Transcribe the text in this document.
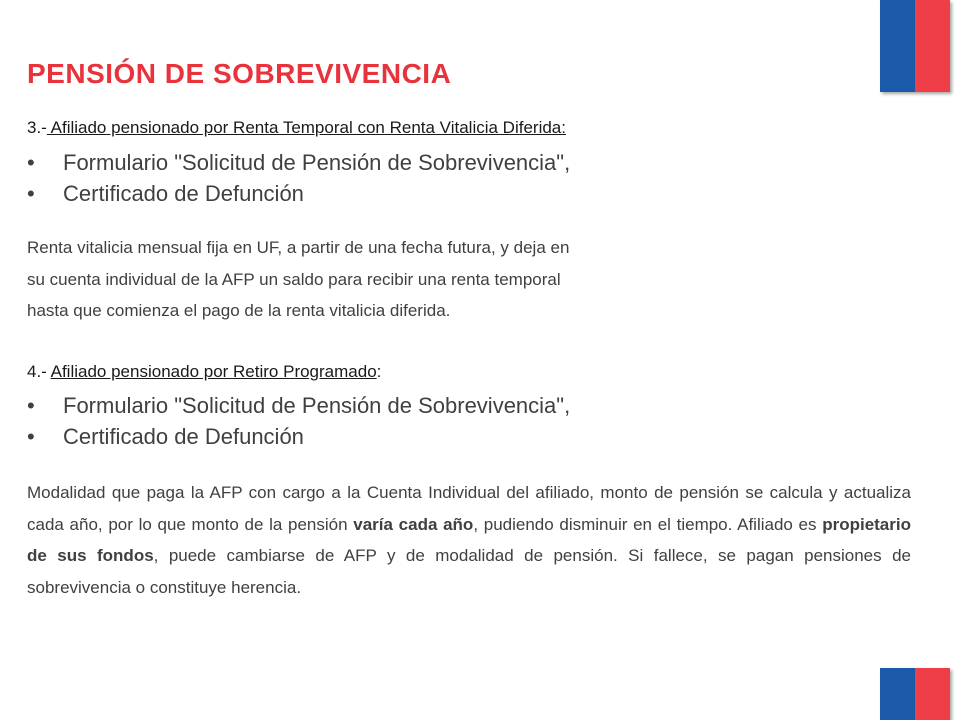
PENSIÓN DE SOBREVIVENCIA
3.- Afiliado pensionado por Renta Temporal con Renta Vitalicia Diferida:
• Formulario "Solicitud de Pensión de Sobrevivencia",
• Certificado de Defunción
Renta vitalicia mensual fija en UF, a partir de una fecha futura, y deja en
su cuenta individual de la AFP un saldo para recibir una renta temporal
hasta que comienza el pago de la renta vitalicia diferida.
4.- Afiliado pensionado por Retiro Programado:
• Formulario "Solicitud de Pensión de Sobrevivencia",
• Certificado de Defunción

Modalidad que paga la AFP con cargo a la Cuenta Individual del afiliado, monto de pensión se calcula y actualiza cada año, por lo que monto de la pensión varía cada año, pudiendo disminuir en el tiempo. Afiliado es propietario de sus fondos, puede cambiarse de AFP y de modalidad de pensión. Si fallece, se pagan pensiones de sobrevivencia o constituye herencia.
